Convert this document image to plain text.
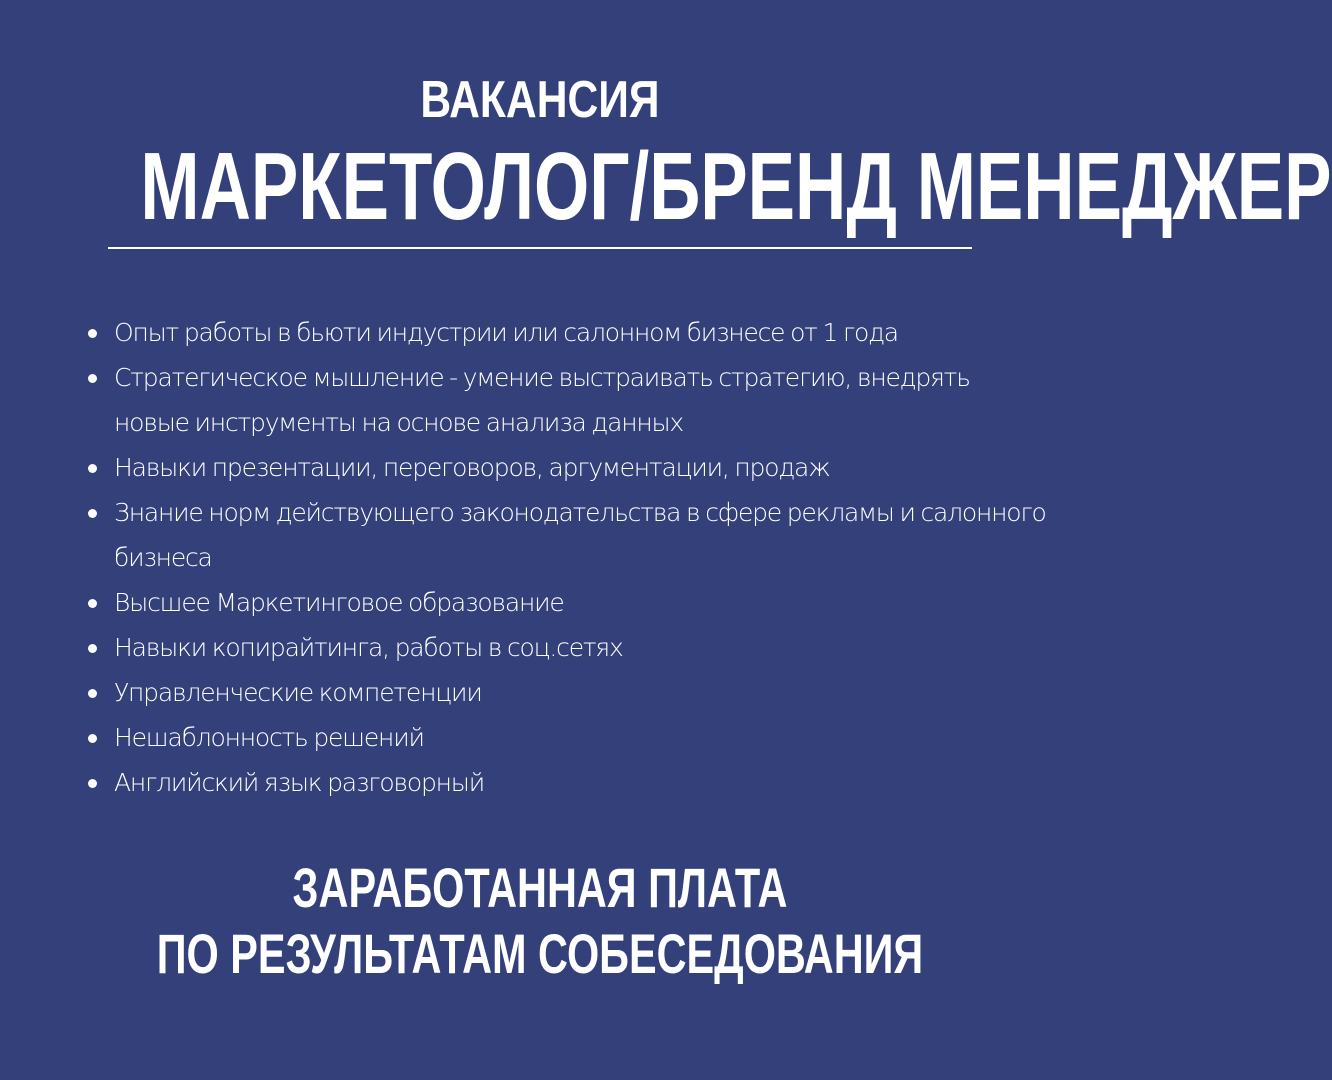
ВАКАНСИЯ
МАРКЕТОЛОГ/БРЕНД МЕНЕДЖЕР
Опыт работы в бьюти индустрии или салонном бизнесе от 1 года
Стратегическое мышление - умение выстраивать стратегию, внедрять новые инструменты на основе анализа данных
Навыки презентации, переговоров, аргументации, продаж
Знание норм действующего законодательства в сфере рекламы и салонного бизнеса
Высшее Маркетинговое образование
Навыки копирайтинга, работы в соц.сетях
Управленческие компетенции
Нешаблонность решений
Английский язык разговорный
ЗАРАБОТАННАЯ ПЛАТА
ПО РЕЗУЛЬТАТАМ СОБЕСЕДОВАНИЯ
